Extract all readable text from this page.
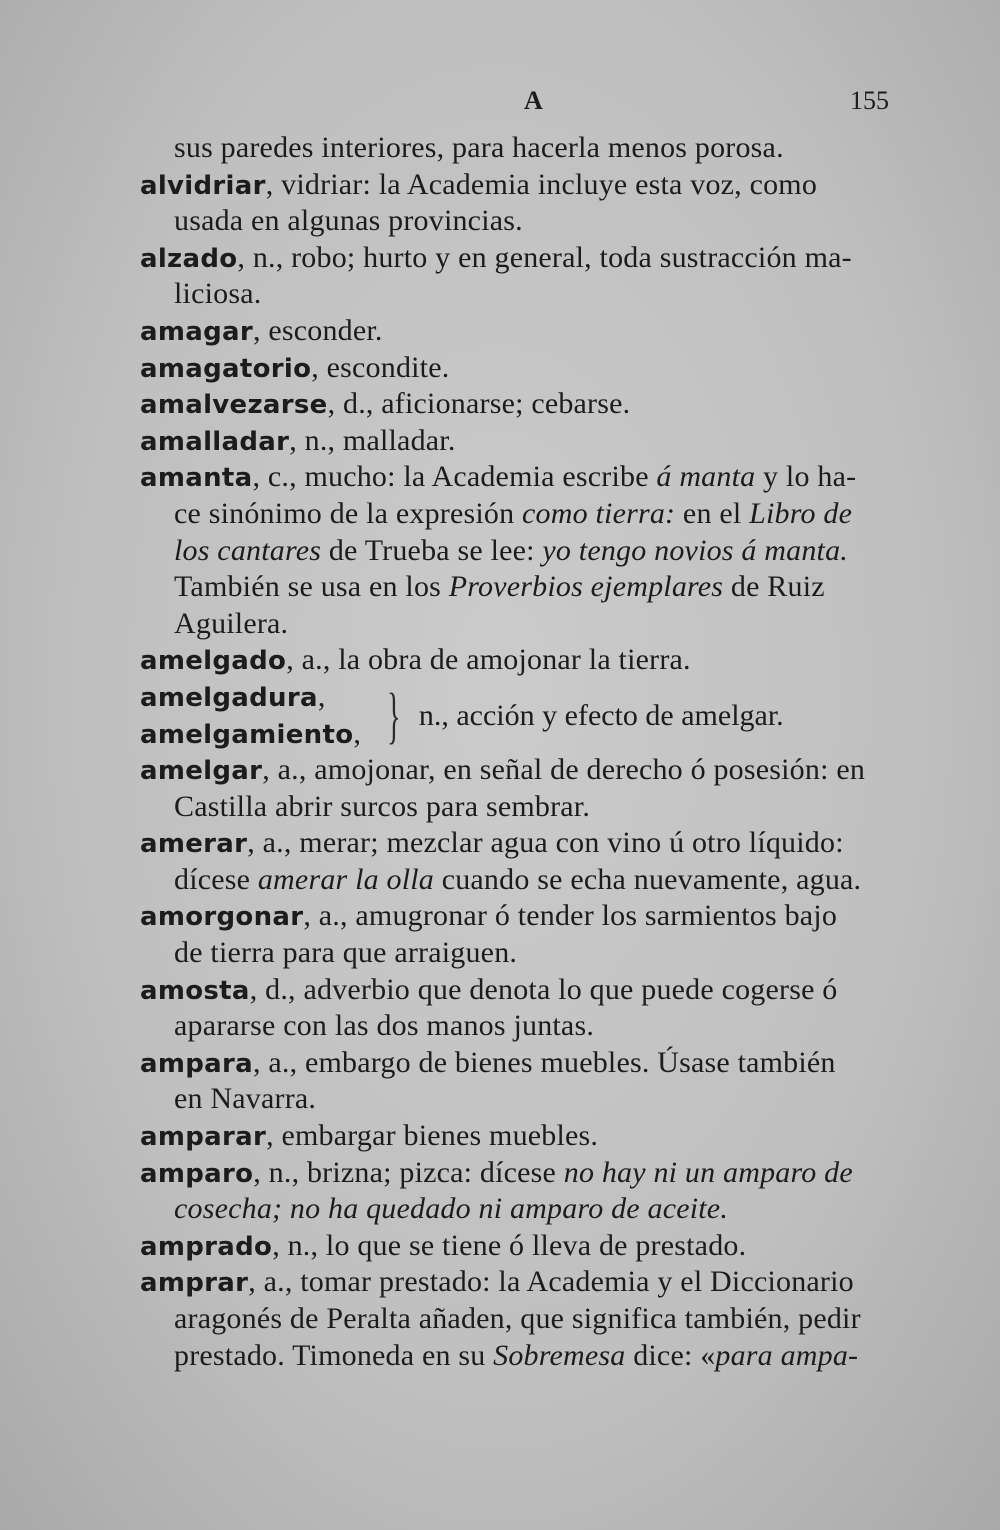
A	155
sus paredes interiores, para hacerla menos porosa.
alvidriar, vidriar: la Academia incluye esta voz, como
usada en algunas provincias.
alzado, n., robo; hurto y en general, toda sustracción ma-
liciosa.
amagar, esconder.
amagatorio, escondite.
amalvezarse, d., aficionarse; cebarse.
amalladar, n., malladar.
amanta, c., mucho: la Academia escribe á manta y lo ha-
ce sinónimo de la expresión como tierra: en el Libro de
los cantares de Trueba se lee: yo tengo novios á manta.
También se usa en los Proverbios ejemplares de Ruiz
Aguilera.
amelgado, a., la obra de amojonar la tierra.
amelgadura,
amelgamiento, } n., acción y efecto de amelgar.
amelgar, a., amojonar, en señal de derecho ó posesión: en
Castilla abrir surcos para sembrar.
amerar, a., merar; mezclar agua con vino ú otro líquido:
dícese amerar la olla cuando se echa nuevamente, agua.
amorgonar, a., amugronar ó tender los sarmientos bajo
de tierra para que arraiguen.
amosta, d., adverbio que denota lo que puede cogerse ó
apararse con las dos manos juntas.
ampara, a., embargo de bienes muebles. Úsase también
en Navarra.
amparar, embargar bienes muebles.
amparo, n., brizna; pizca: dícese no hay ni un amparo de
cosecha; no ha quedado ni amparo de aceite.
amprado, n., lo que se tiene ó lleva de prestado.
amprar, a., tomar prestado: la Academia y el Diccionario
aragonés de Peralta añaden, que significa también, pedir
prestado. Timoneda en su Sobremesa dice: «para ampa-
